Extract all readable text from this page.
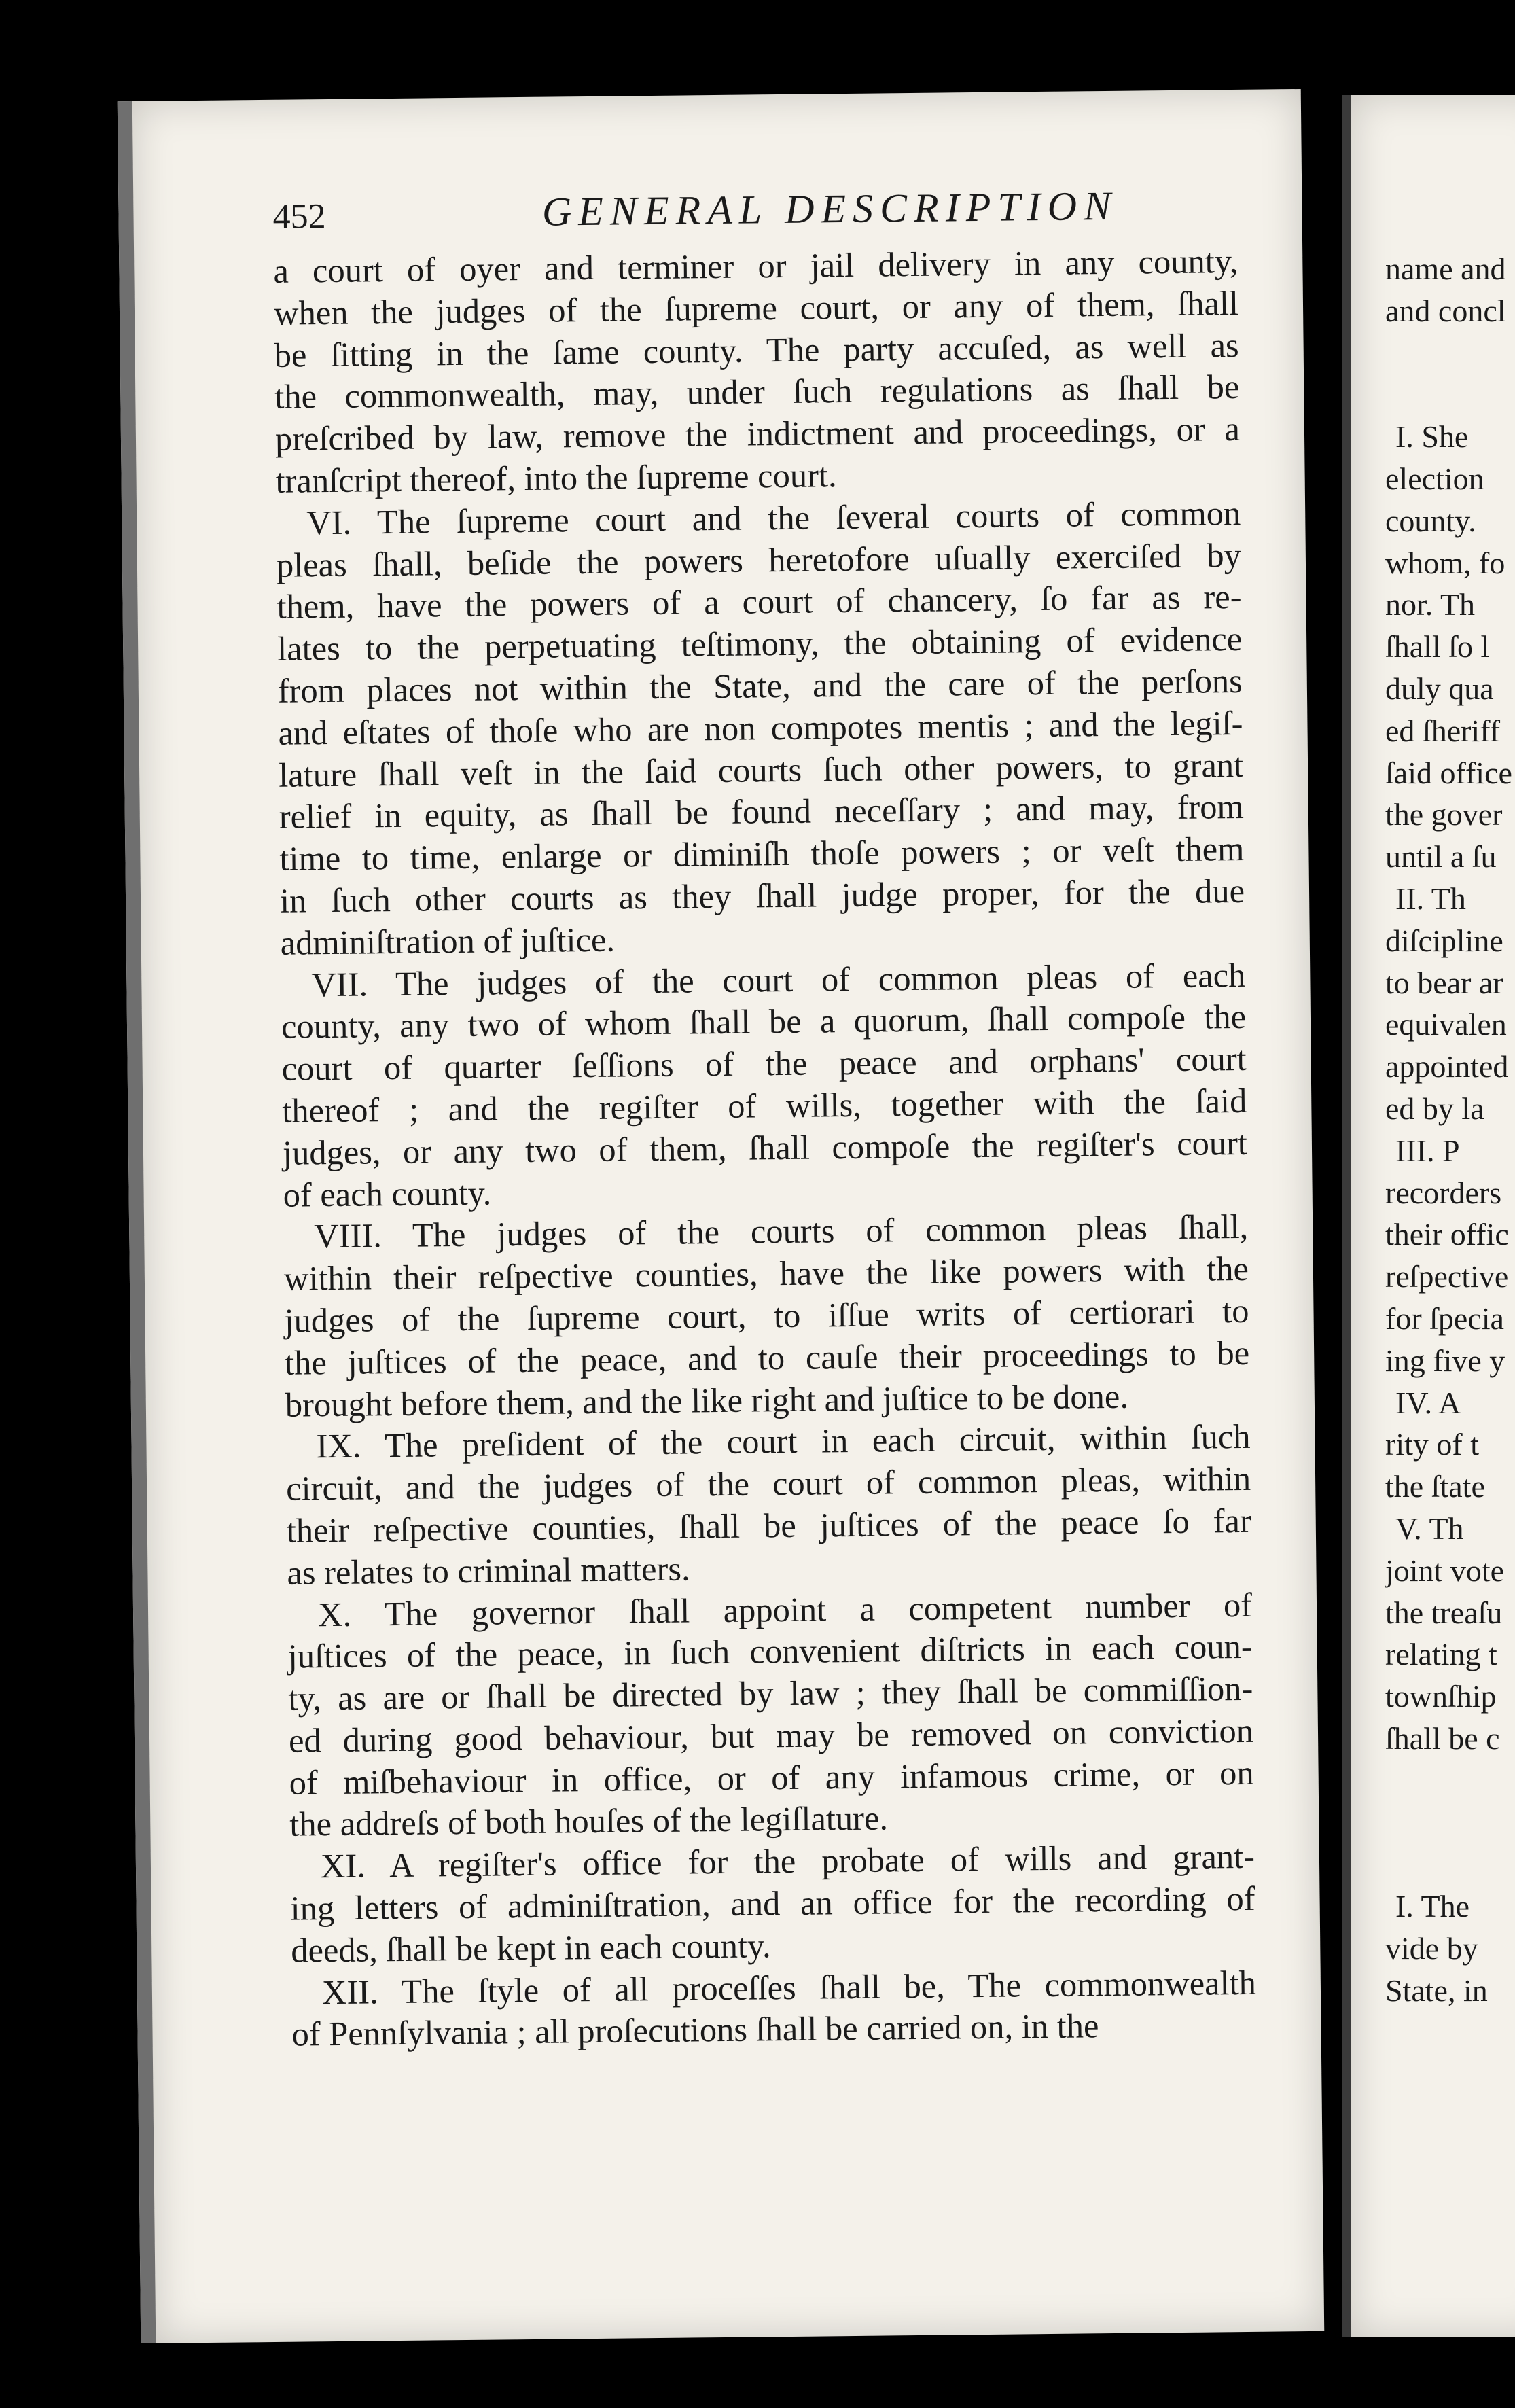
452	GENERAL DESCRIPTION
a court of oyer and terminer or jail delivery in any county,
when the judges of the ſupreme court, or any of them, ſhall
be ſitting in the ſame county. The party accuſed, as well as
the commonwealth, may, under ſuch regulations as ſhall be
preſcribed by law, remove the indictment and proceedings, or a
tranſcript thereof, into the ſupreme court.
VI. The ſupreme court and the ſeveral courts of common
pleas ſhall, beſide the powers heretofore uſually exerciſed by
them, have the powers of a court of chancery, ſo far as re-
lates to the perpetuating teſtimony, the obtaining of evidence
from places not within the State, and the care of the perſons
and eſtates of thoſe who are non compotes mentis ; and the legiſ-
lature ſhall veſt in the ſaid courts ſuch other powers, to grant
relief in equity, as ſhall be found neceſſary ; and may, from
time to time, enlarge or diminiſh thoſe powers ; or veſt them
in ſuch other courts as they ſhall judge proper, for the due
adminiſtration of juſtice.
VII. The judges of the court of common pleas of each
county, any two of whom ſhall be a quorum, ſhall compoſe the
court of quarter ſeſſions of the peace and orphans' court
thereof ; and the regiſter of wills, together with the ſaid
judges, or any two of them, ſhall compoſe the regiſter's court
of each county.
VIII. The judges of the courts of common pleas ſhall,
within their reſpective counties, have the like powers with the
judges of the ſupreme court, to iſſue writs of certiorari to
the juſtices of the peace, and to cauſe their proceedings to be
brought before them, and the like right and juſtice to be done.
IX. The preſident of the court in each circuit, within ſuch
circuit, and the judges of the court of common pleas, within
their reſpective counties, ſhall be juſtices of the peace ſo far
as relates to criminal matters.
X. The governor ſhall appoint a competent number of
juſtices of the peace, in ſuch convenient diſtricts in each coun-
ty, as are or ſhall be directed by law ; they ſhall be commiſſion-
ed during good behaviour, but may be removed on conviction
of miſbehaviour in office, or of any infamous crime, or on
the addreſs of both houſes of the legiſlature.
XI. A regiſter's office for the probate of wills and grant-
ing letters of adminiſtration, and an office for the recording of
deeds, ſhall be kept in each county.
XII. The ſtyle of all proceſſes ſhall be, The commonwealth
of Pennſylvania ; all proſecutions ſhall be carried on, in the
name and
and concl
I. She
election
county.
whom, fo
nor. Th
ſhall ſo l
duly qua
ed ſheriff
ſaid office
the gover
until a ſu
II. Th
diſcipline
to bear ar
equivalen
appointed
ed by la
III. P
recorders
their offic
reſpective
for ſpecia
ing five y
IV. A
rity of t
the ſtate
V. Th
joint vote
the treaſu
relating t
townſhip
ſhall be c
I. The
vide by
State, in
